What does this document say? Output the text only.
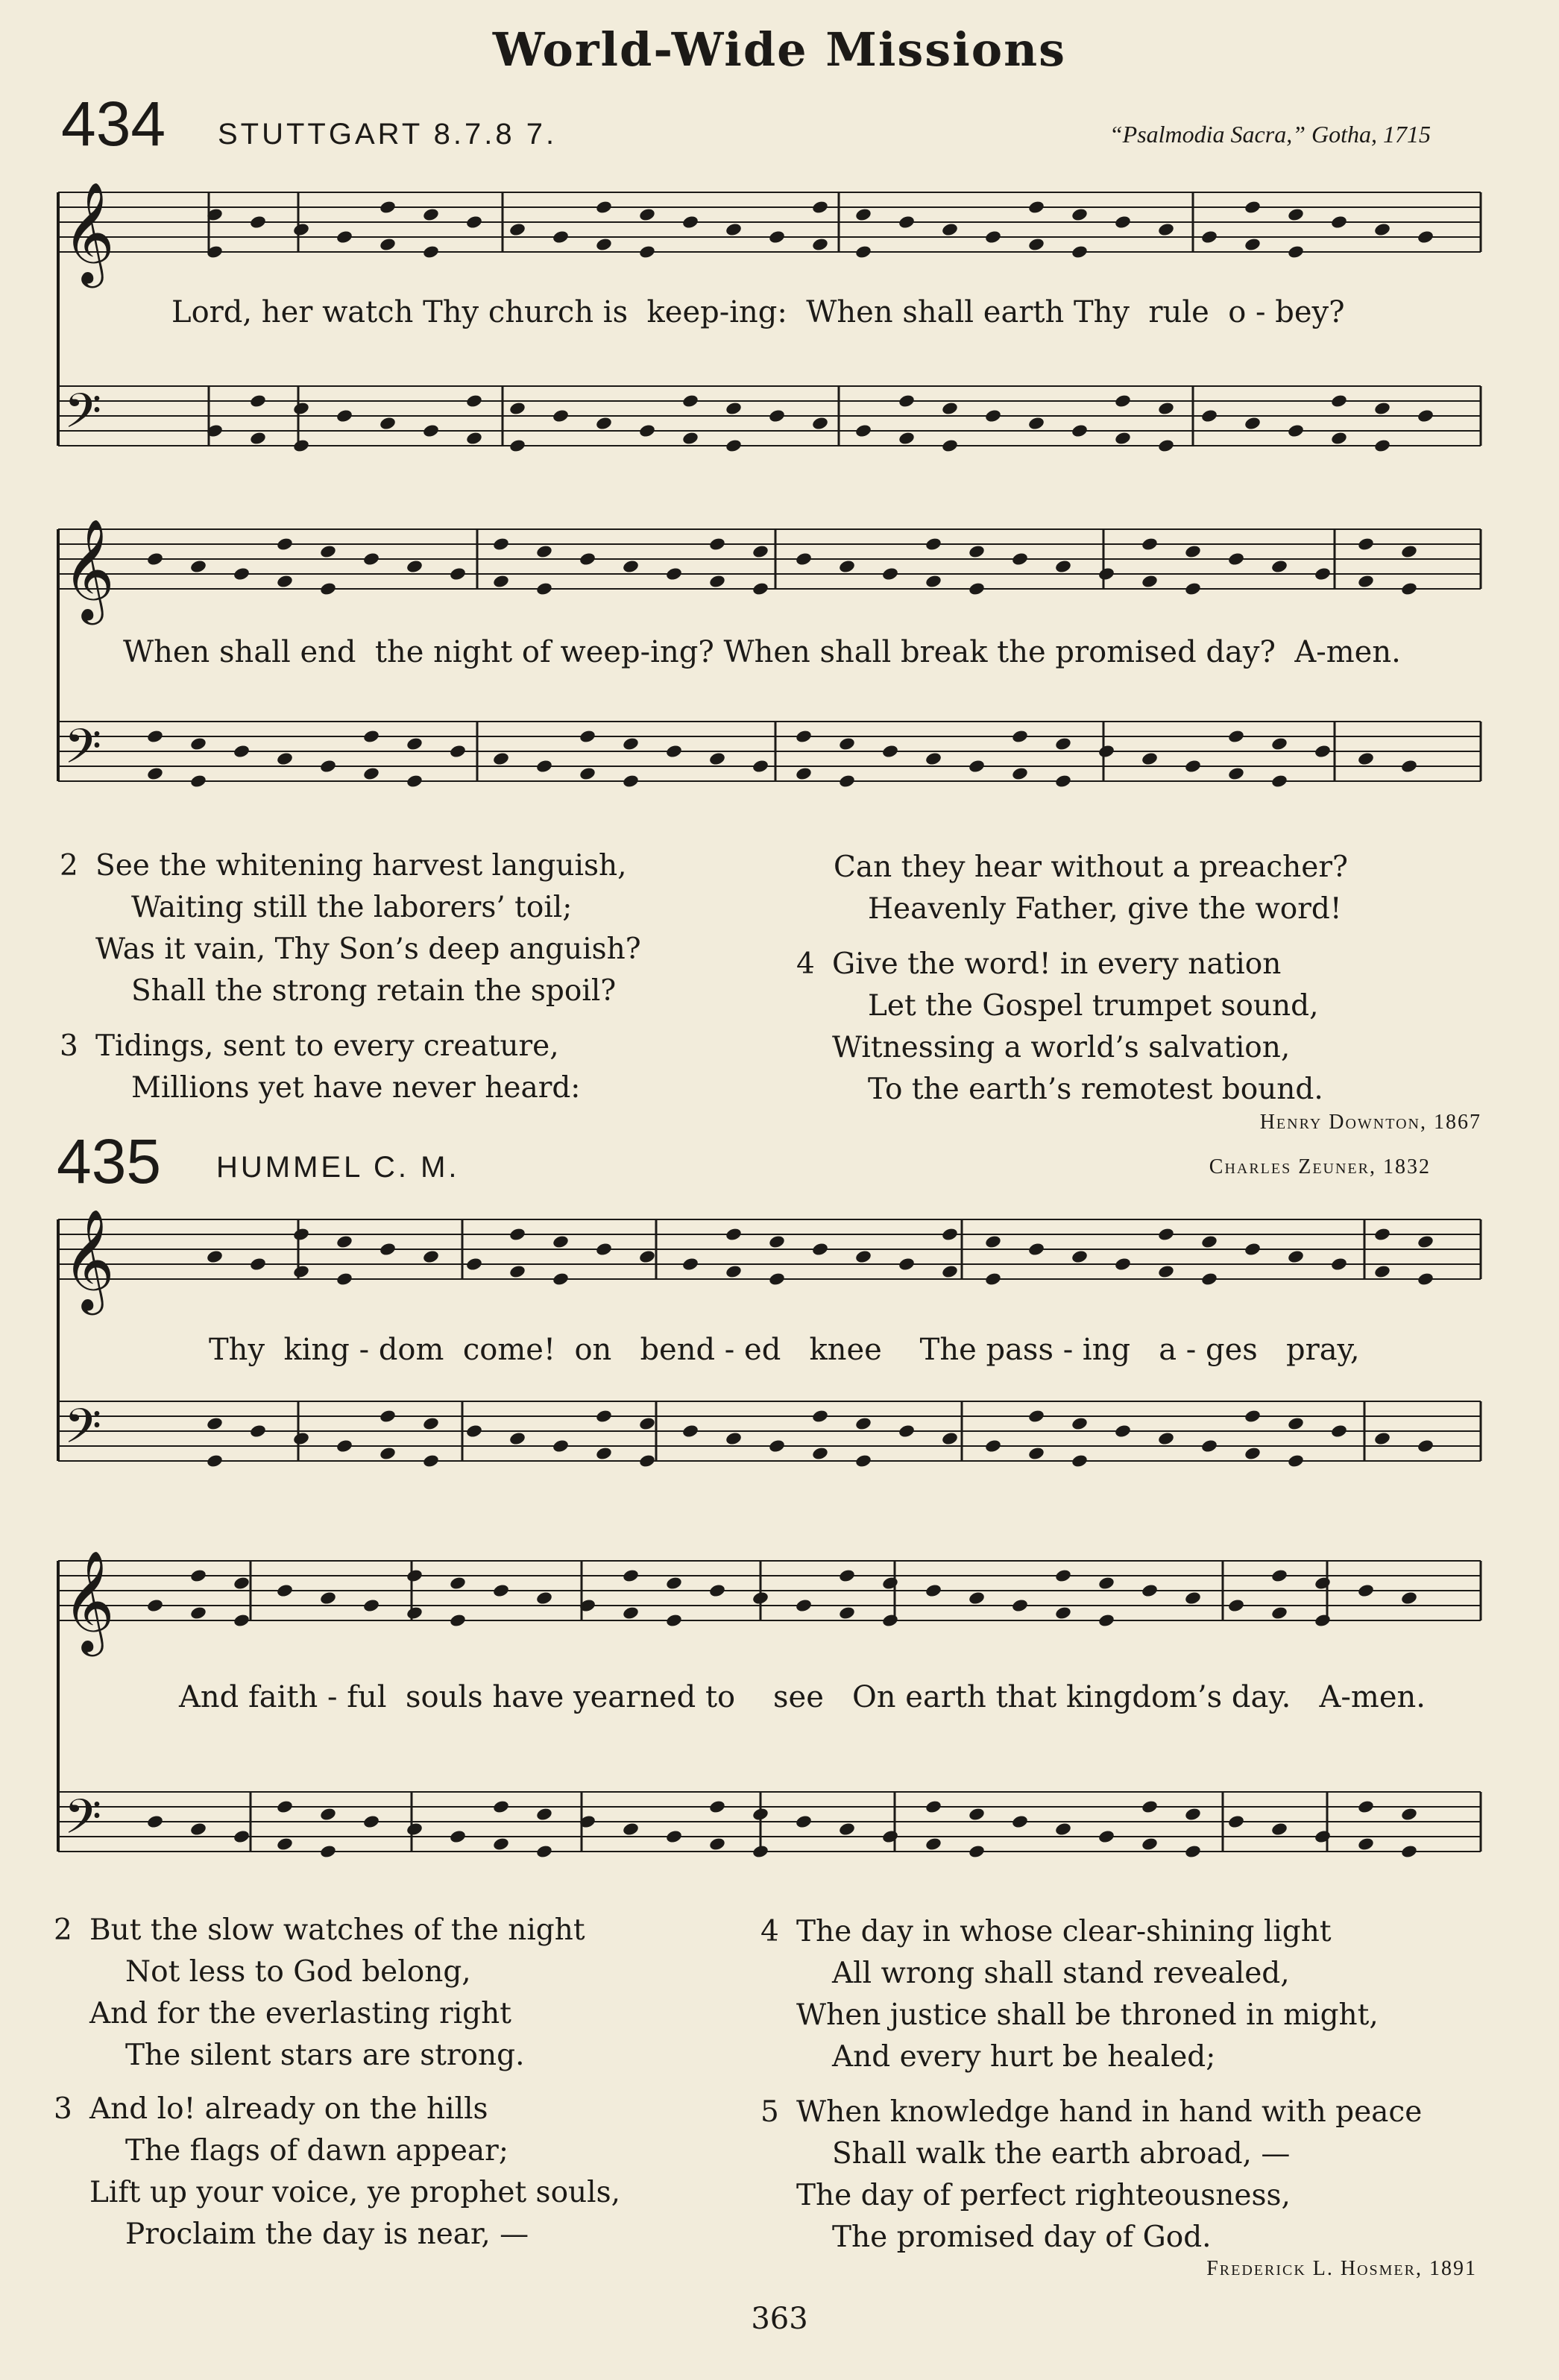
World-Wide Missions
434 STUTTGART 8.7.8 7.	“Psalmodia Sacra,” Gotha, 1715
𝄞
𝄢
𝄞
𝄢
𝄞
𝄢
𝄞
𝄢
Lord, her watch Thy church is  keep-ing:  When shall earth Thy  rule  o - bey?
When shall end  the night of weep-ing? When shall break the promised day?  A-men.
2 See the whitening harvest languish,
Waiting still the laborers’ toil;
Was it vain, Thy Son’s deep anguish?
Shall the strong retain the spoil?
3 Tidings, sent to every creature,
Millions yet have never heard:
Can they hear without a preacher?
Heavenly Father, give the word!
4 Give the word! in every nation
Let the Gospel trumpet sound,
Witnessing a world’s salvation,
To the earth’s remotest bound.
Henry Downton, 1867
435 HUMMEL C. M.	Charles Zeuner, 1832
Thy  king - dom  come!  on   bend - ed   knee    The pass - ing   a - ges   pray,
And faith - ful  souls have yearned to    see   On earth that kingdom’s day.   A-men.
2 But the slow watches of the night
Not less to God belong,
And for the everlasting right
The silent stars are strong.
3 And lo! already on the hills
The flags of dawn appear;
Lift up your voice, ye prophet souls,
Proclaim the day is near, —
4 The day in whose clear-shining light
All wrong shall stand revealed,
When justice shall be throned in might,
And every hurt be healed;
5 When knowledge hand in hand with peace
Shall walk the earth abroad, —
The day of perfect righteousness,
The promised day of God.
Frederick L. Hosmer, 1891
363
